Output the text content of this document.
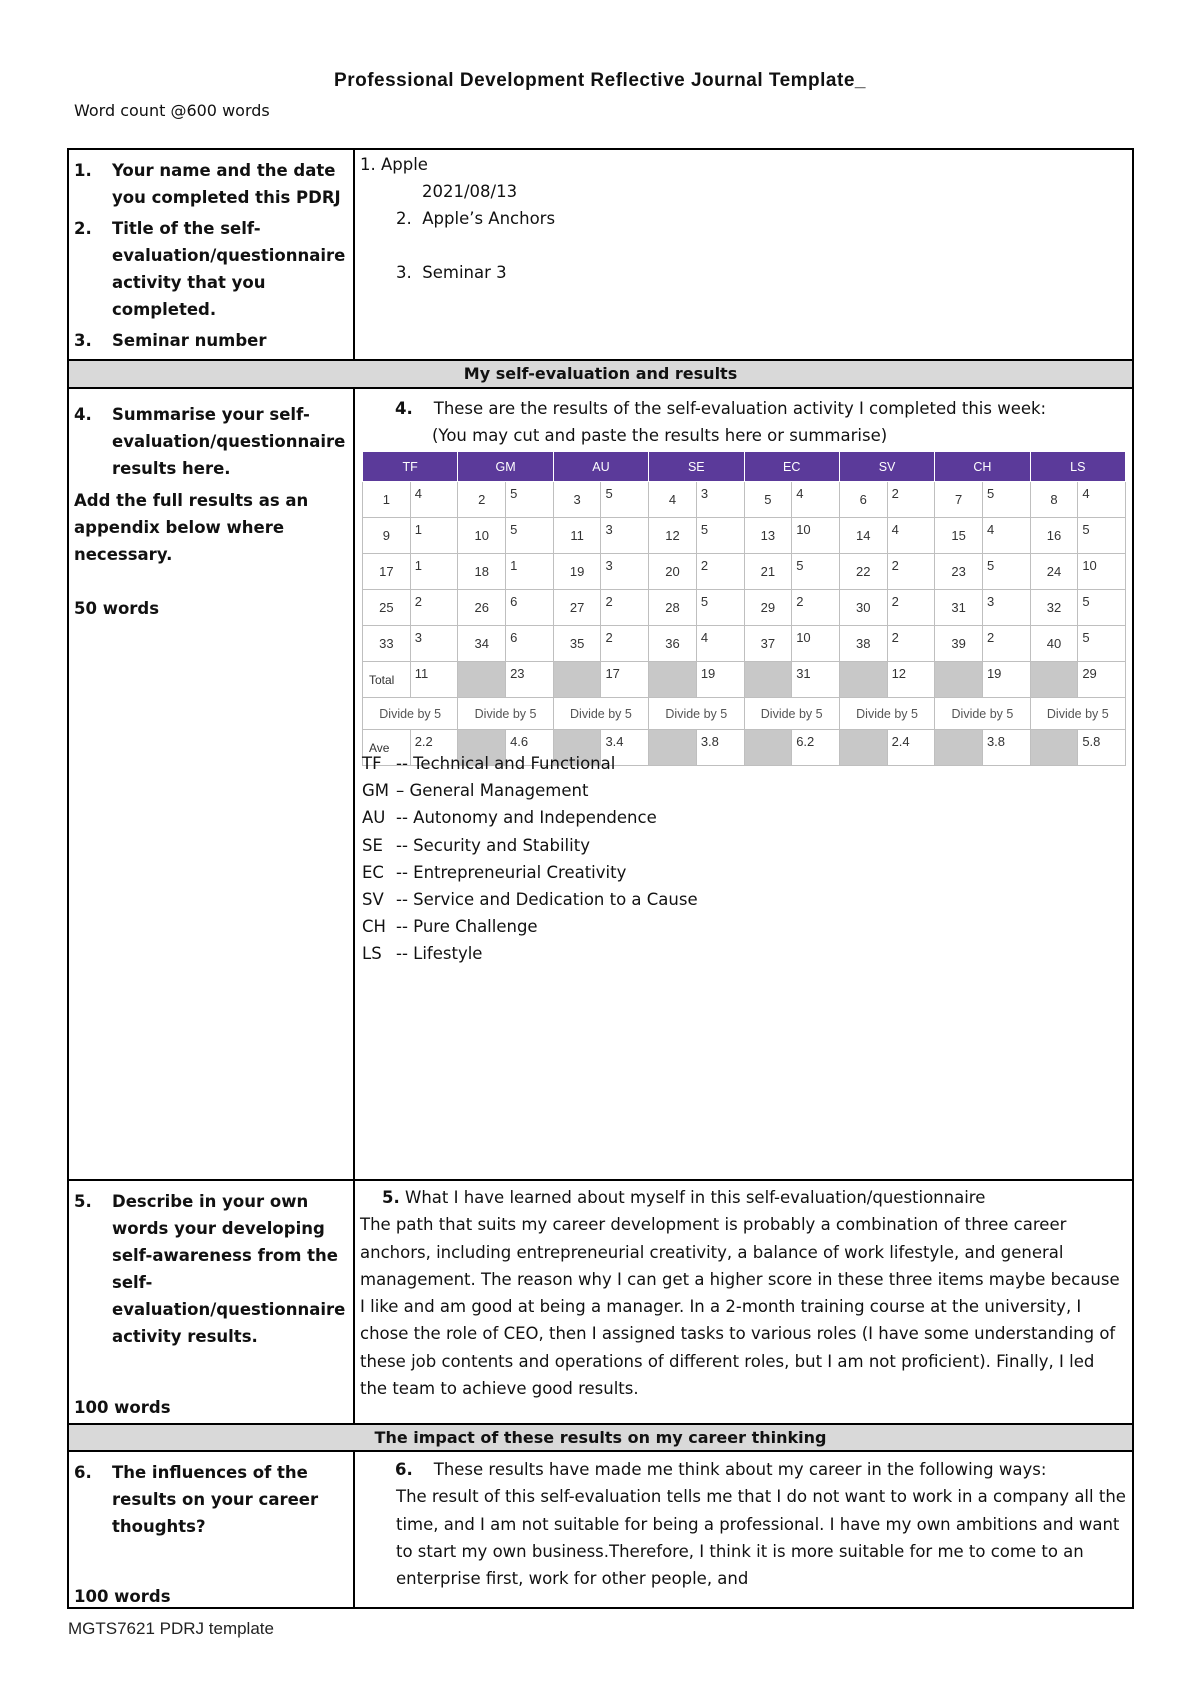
Professional Development Reflective Journal Template_
Word count @600 words
My self-evaluation and results
The impact of these results on my career thinking
1. Your name and the date you completed this PDRJ
2. Title of the self-evaluation/questionnaire activity that you completed.
3. Seminar number
1. Apple
2021/08/13
2. Apple’s Anchors
3. Seminar 3
4. Summarise your self-evaluation/questionnaire results here.
Add the full results as an appendix below where necessary.
50 words
4. These are the results of the self-evaluation activity I completed this week:
(You may cut and paste the results here or summarise)
TF		GM		AU		SE		EC		SV		CH		LS	
1	4	2	5	3	5	4	3	5	4	6	2	7	5	8	4
9	1	10	5	11	3	12	5	13	10	14	4	15	4	16	5
17	1	18	1	19	3	20	2	21	5	22	2	23	5	24	10
25	2	26	6	27	2	28	5	29	2	30	2	31	3	32	5
33	3	34	6	35	2	36	4	37	10	38	2	39	2	40	5
Total	11		23		17		19		31		12		19		29
Divide by 5		Divide by 5		Divide by 5		Divide by 5		Divide by 5		Divide by 5		Divide by 5		Divide by 5	
Ave	2.2		4.6		3.4		3.8		6.2		2.4		3.8		5.8
TF -- Technical and Functional
GM – General Management
AU -- Autonomy and Independence
SE -- Security and Stability
EC -- Entrepreneurial Creativity
SV -- Service and Dedication to a Cause
CH -- Pure Challenge
LS -- Lifestyle
5. Describe in your own words your developing self-awareness from the self-evaluation/questionnaire activity results.
100 words
5. What I have learned about myself in this self-evaluation/questionnaire
The path that suits my career development is probably a combination of three career anchors, including entrepreneurial creativity, a balance of work lifestyle, and general management. The reason why I can get a higher score in these three items maybe because I like and am good at being a manager. In a 2-month training course at the university, I chose the role of CEO, then I assigned tasks to various roles (I have some understanding of these job contents and operations of different roles, but I am not proficient). Finally, I led the team to achieve good results.
6. The influences of the results on your career thoughts?
100 words
6. These results have made me think about my career in the following ways:
The result of this self-evaluation tells me that I do not want to work in a company all the time, and I am not suitable for being a professional. I have my own ambitions and want to start my own business.Therefore, I think it is more suitable for me to come to an enterprise first, work for other people, and
MGTS7621 PDRJ template
